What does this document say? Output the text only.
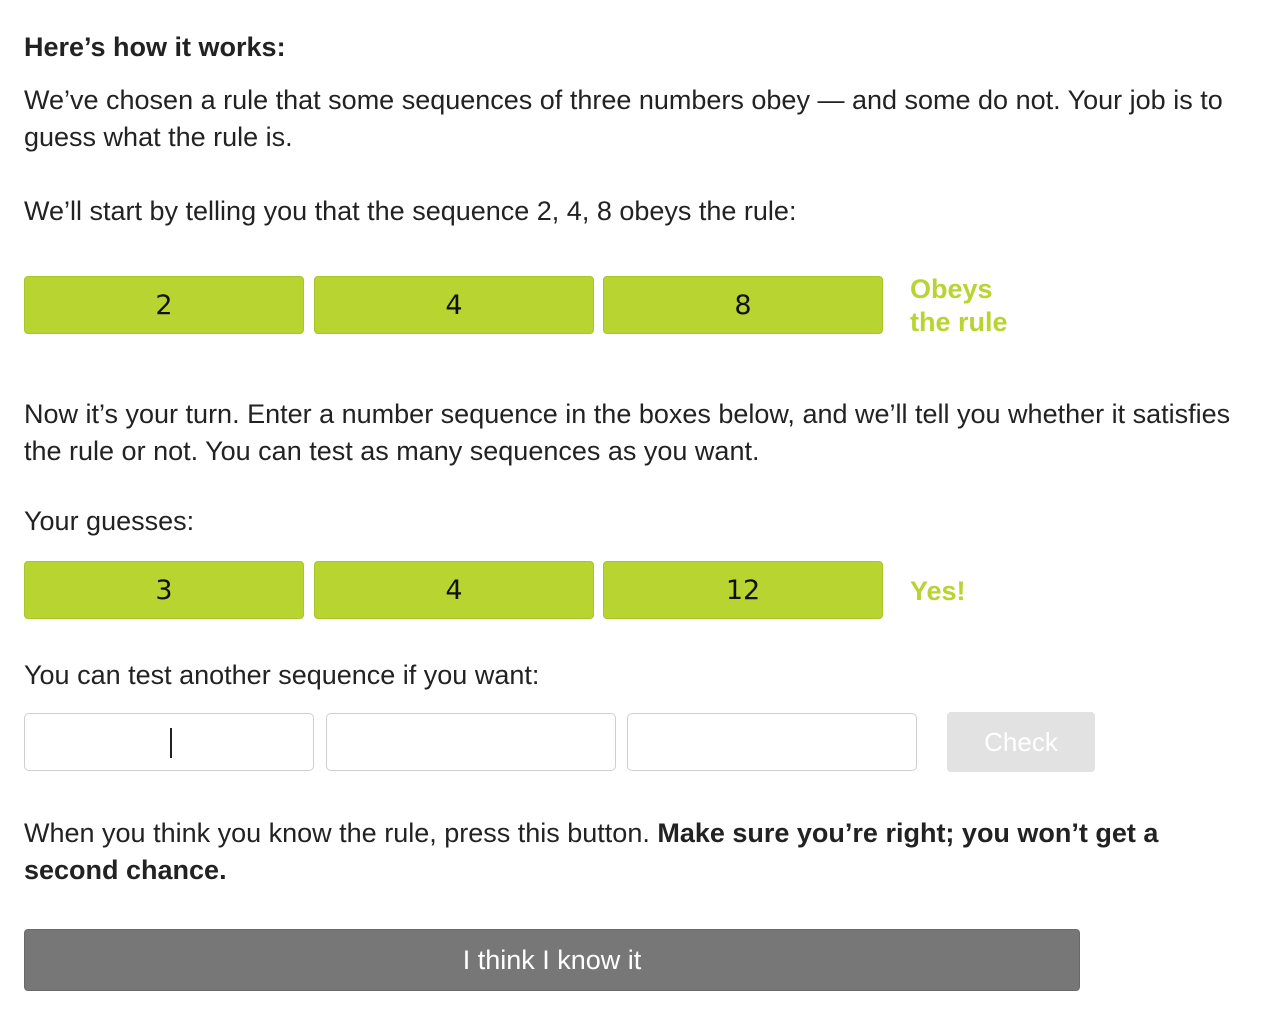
Here’s how it works:
We’ve chosen a rule that some sequences of three numbers obey — and some do not. Your job is to guess what the rule is.
We’ll start by telling you that the sequence 2, 4, 8 obeys the rule:
2	4	8
Obeys the rule
Now it’s your turn. Enter a number sequence in the boxes below, and we’ll tell you whether it satisfies the rule or not. You can test as many sequences as you want.
Your guesses:
3	4	12	Yes!
You can test another sequence if you want:
Check
When you think you know the rule, press this button. Make sure you’re right; you won’t get a second chance.
I think I know it
